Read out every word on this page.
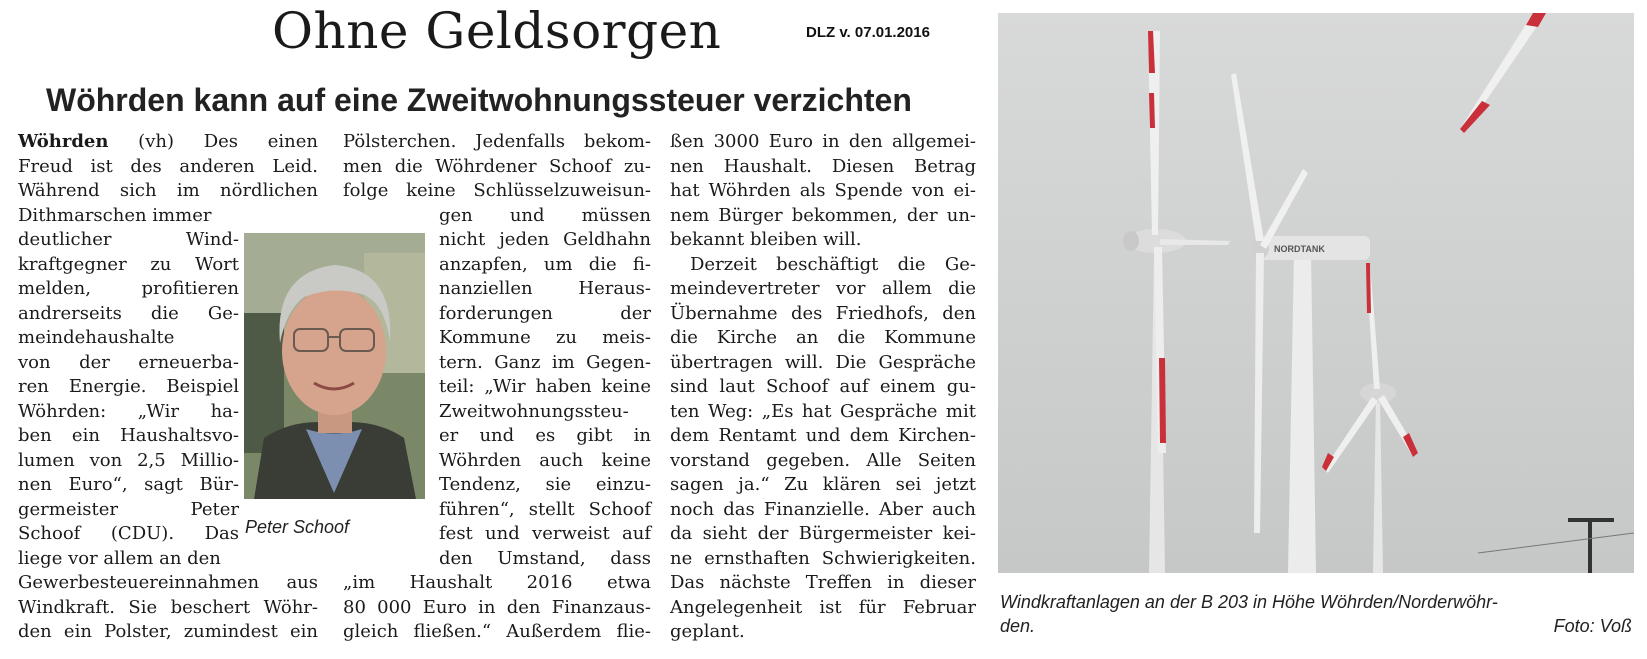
Ohne Geldsorgen	DLZ v. 07.01.2016
Wöhrden kann auf eine Zweitwohnungssteuer verzichten
Wöhrden (vh) Des einen
Freud ist des anderen Leid.
Während sich im nördlichen
Dithmarschen immer
deutlicher Wind-
kraftgegner zu Wort
melden, profitieren
andrerseits die Ge-
meindehaushalte
von der erneuerba-
ren Energie. Beispiel
Wöhrden: „Wir ha-
ben ein Haushaltsvo-
lumen von 2,5 Millio-
nen Euro“, sagt Bür-
germeister Peter
Schoof (CDU). Das
liege vor allem an den
Gewerbesteuereinnahmen aus
Windkraft. Sie beschert Wöhr-
den ein Polster, zumindest ein
Pölsterchen. Jedenfalls bekom-
men die Wöhrdener Schoof zu-
folge keine Schlüsselzuweisun-
gen und müssen
nicht jeden Geldhahn
anzapfen, um die fi-
nanziellen Heraus-
forderungen der
Kommune zu meis-
tern. Ganz im Gegen-
teil: „Wir haben keine
Zweitwohnungssteu-
er und es gibt in
Wöhrden auch keine
Tendenz, sie einzu-
führen“, stellt Schoof
fest und verweist auf
den Umstand, dass
„im Haushalt 2016 etwa
80 000 Euro in den Finanzaus-
gleich fließen.“ Außerdem flie-
ßen 3000 Euro in den allgemei-
nen Haushalt. Diesen Betrag
hat Wöhrden als Spende von ei-
nem Bürger bekommen, der un-
bekannt bleiben will.
Derzeit beschäftigt die Ge-
meindevertreter vor allem die
Übernahme des Friedhofs, den
die Kirche an die Kommune
übertragen will. Die Gespräche
sind laut Schoof auf einem gu-
ten Weg: „Es hat Gespräche mit
dem Rentamt und dem Kirchen-
vorstand gegeben. Alle Seiten
sagen ja.“ Zu klären sei jetzt
noch das Finanzielle. Aber auch
da sieht der Bürgermeister kei-
ne ernsthaften Schwierigkeiten.
Das nächste Treffen in dieser
Angelegenheit ist für Februar
geplant.
Peter Schoof
NORDTANK
Windkraftanlagen an der B 203 in Höhe Wöhrden/Norderwöhr-
den.	Foto: Voß
